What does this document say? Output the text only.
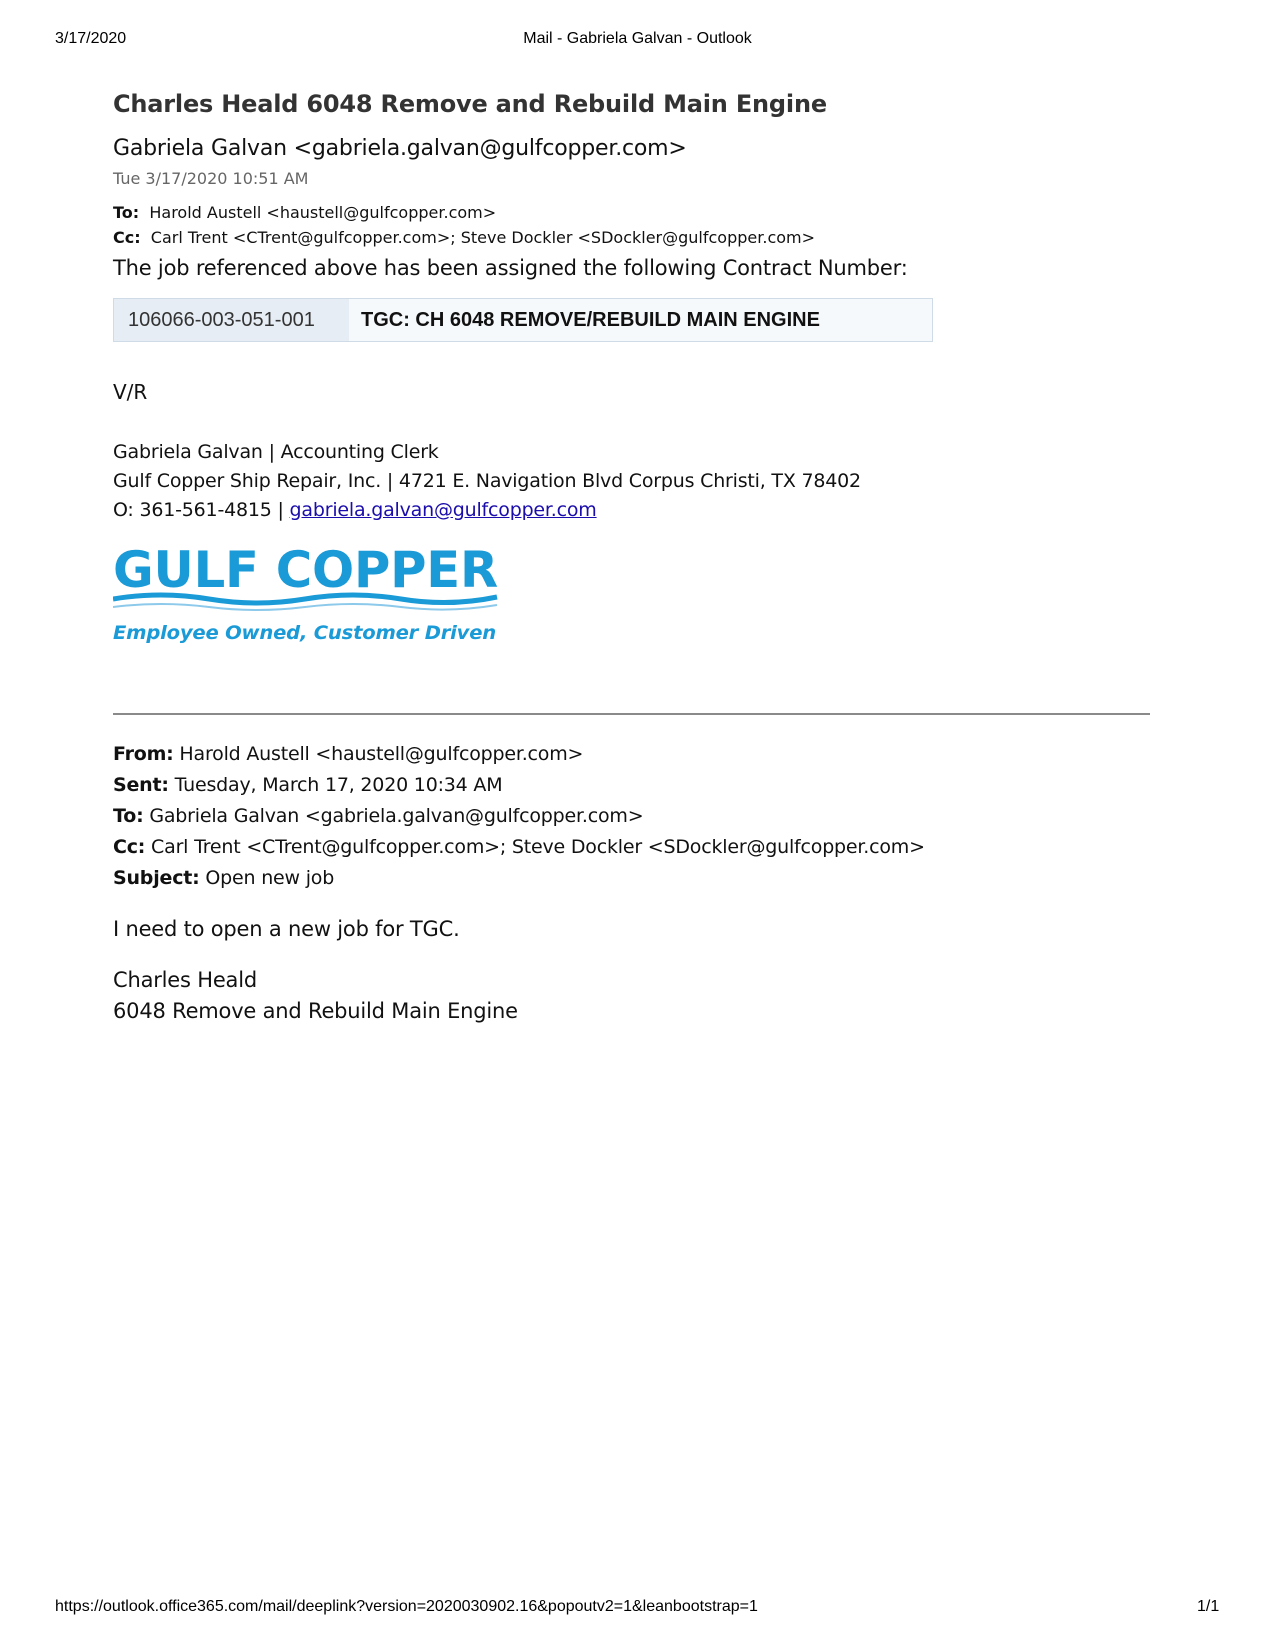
3/17/2020	Mail - Gabriela Galvan - Outlook
Charles Heald 6048 Remove and Rebuild Main Engine
Gabriela Galvan <gabriela.galvan@gulfcopper.com>
Tue 3/17/2020 10:51 AM
To: Harold Austell <haustell@gulfcopper.com>
Cc: Carl Trent <CTrent@gulfcopper.com>; Steve Dockler <SDockler@gulfcopper.com>
The job referenced above has been assigned the following Contract Number:
106066-003-051-001	TGC: CH 6048 REMOVE/REBUILD MAIN ENGINE
V/R
Gabriela Galvan | Accounting Clerk
Gulf Copper Ship Repair, Inc. | 4721 E. Navigation Blvd Corpus Christi, TX 78402
O: 361-561-4815 | gabriela.galvan@gulfcopper.com
GULF COPPER
Employee Owned, Customer Driven
From: Harold Austell <haustell@gulfcopper.com>
Sent: Tuesday, March 17, 2020 10:34 AM
To: Gabriela Galvan <gabriela.galvan@gulfcopper.com>
Cc: Carl Trent <CTrent@gulfcopper.com>; Steve Dockler <SDockler@gulfcopper.com>
Subject: Open new job

I need to open a new job for TGC.

Charles Heald

6048 Remove and Rebuild Main Engine

https://outlook.office365.com/mail/deeplink?version=2020030902.16&popoutv2=1&leanbootstrap=1	1/1
